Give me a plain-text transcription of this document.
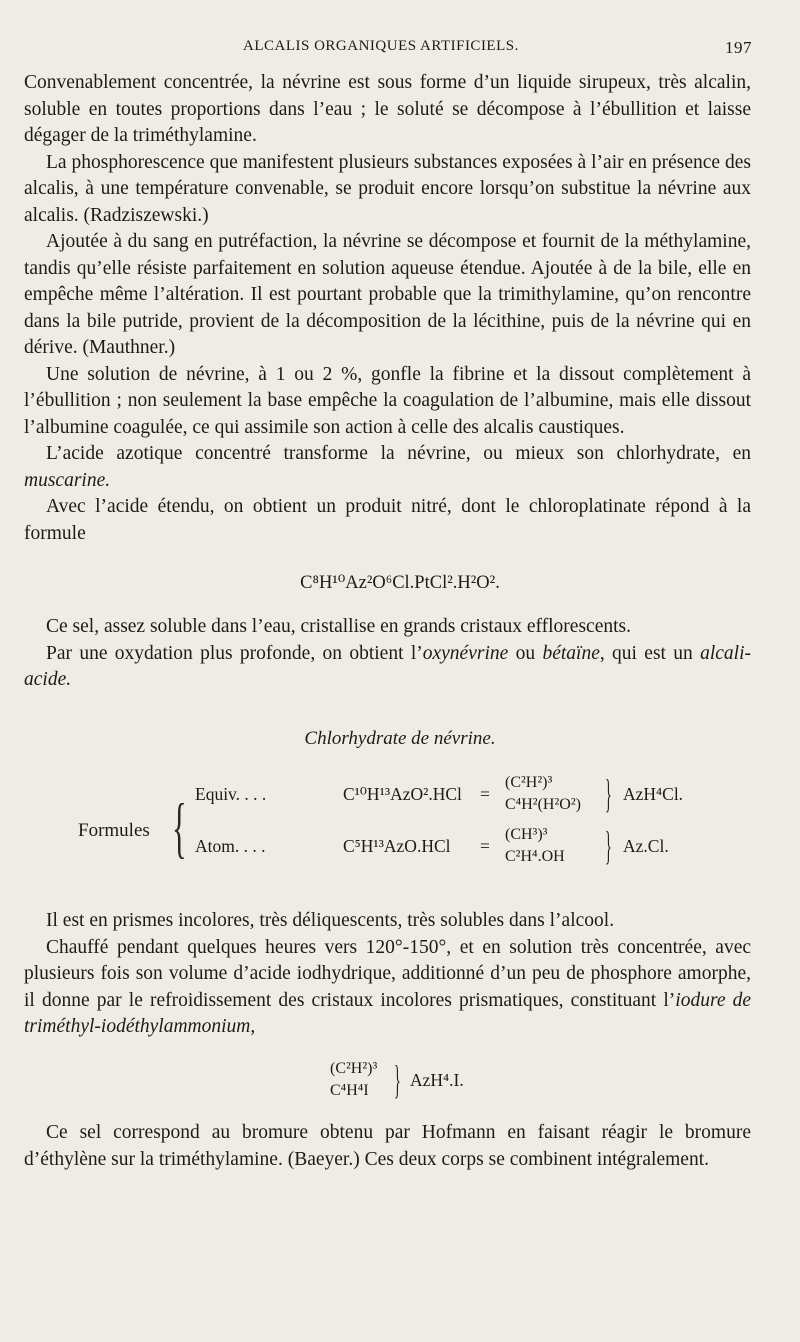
ALCALIS ORGANIQUES ARTIFICIELS.	197

Convenablement concentrée, la névrine est sous forme d’un liquide sirupeux, très alcalin, soluble en toutes proportions dans l’eau ; le soluté se décompose à l’ébullition et laisse dégager de la triméthylamine.

La phosphorescence que manifestent plusieurs substances exposées à l’air en présence des alcalis, à une température convenable, se produit encore lorsqu’on substitue la névrine aux alcalis. (Radziszewski.)

Ajoutée à du sang en putréfaction, la névrine se décompose et fournit de la méthylamine, tandis qu’elle résiste parfaitement en solution aqueuse étendue. Ajoutée à de la bile, elle en empêche même l’altération. Il est pourtant probable que la trimithylamine, qu’on rencontre dans la bile putride, provient de la décomposition de la lécithine, puis de la névrine qui en dérive. (Mauthner.)

Une solution de névrine, à 1 ou 2 %, gonfle la fibrine et la dissout complètement à l’ébullition ; non seulement la base empêche la coagulation de l’albumine, mais elle dissout l’albumine coagulée, ce qui assimile son action à celle des alcalis caustiques.

L’acide azotique concentré transforme la névrine, ou mieux son chlorhydrate, en muscarine.

Avec l’acide étendu, on obtient un produit nitré, dont le chloroplatinate répond à la formule

C⁸H¹⁰Az²O⁶Cl.PtCl².H²O².

Ce sel, assez soluble dans l’eau, cristallise en grands cristaux efflorescents.

Par une oxydation plus profonde, on obtient l’oxynévrine ou bétaïne, qui est un alcali-acide.

Chlorhydrate de névrine.
Formules { Equiv. . . .	C¹⁰H¹³AzO².HCl =
(C²H²)³
C⁴H²(H²O²) } AzH⁴Cl.
Atom. . . .	C⁵H¹³AzO.HCl =
(CH³)³
C²H⁴.OH } Az.Cl.

Il est en prismes incolores, très déliquescents, très solubles dans l’alcool.

Chauffé pendant quelques heures vers 120°-150°, et en solution très concentrée, avec plusieurs fois son volume d’acide iodhydrique, additionné d’un peu de phosphore amorphe, il donne par le refroidissement des cristaux incolores prismatiques, constituant l’iodure de triméthyl-iodéthylammonium,

(C²H²)³
C⁴H⁴I } AzH⁴.I.

Ce sel correspond au bromure obtenu par Hofmann en faisant réagir le bromure d’éthylène sur la triméthylamine. (Baeyer.) Ces deux corps se combinent intégralement.
